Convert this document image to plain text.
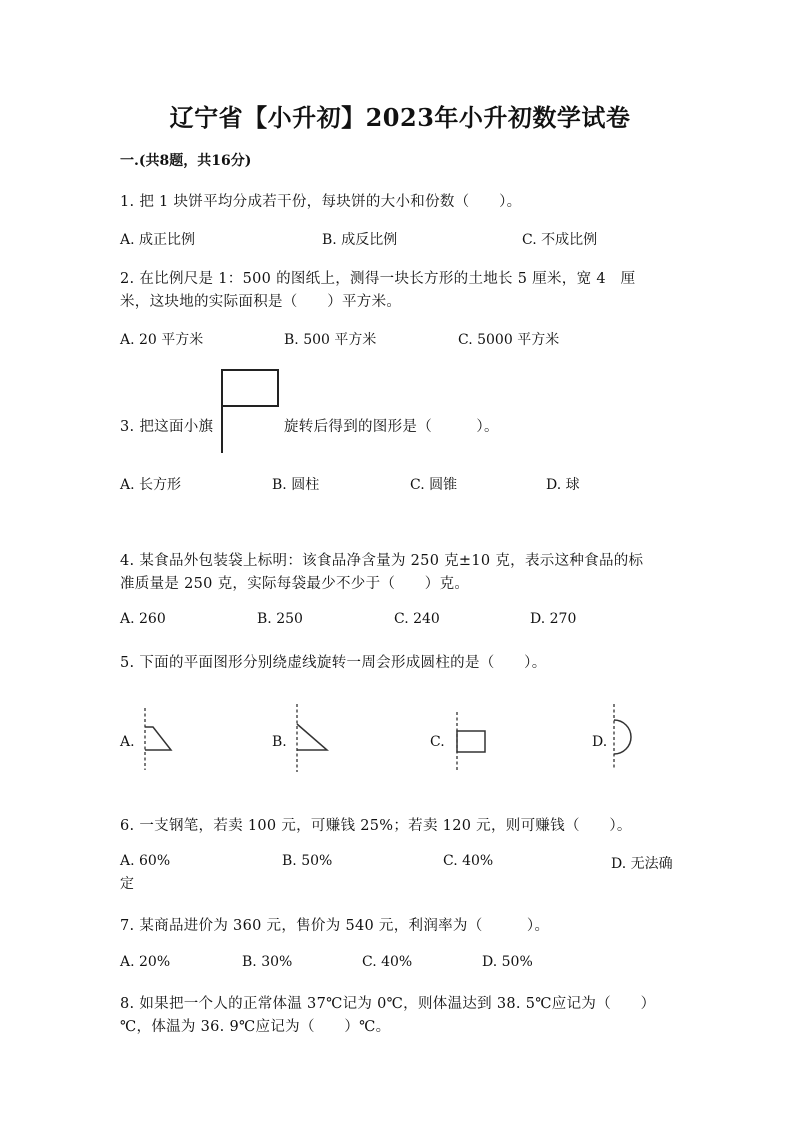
辽宁省【小升初】2023年小升初数学试卷
一.(共8题，共16分)
1. 把 1 块饼平均分成若干份，每块饼的大小和份数（　　）。
A. 成正比例	B. 成反比例	C. 不成比例
2. 在比例尺是 1：500 的图纸上，测得一块长方形的土地长 5 厘米，宽 4　厘
米，这块地的实际面积是（　　）平方米。
A. 20 平方米	B. 500 平方米	C. 5000 平方米
3. 把这面小旗	旋转后得到的图形是（　　　）。
A. 长方形	B. 圆柱	C. 圆锥	D. 球
4. 某食品外包装袋上标明：该食品净含量为 250 克±10 克，表示这种食品的标
准质量是 250 克，实际每袋最少不少于（　　）克。
A. 260	B. 250	C. 240	D. 270
5. 下面的平面图形分别绕虚线旋转一周会形成圆柱的是（　　）。
A.	B.	C.	D.
6. 一支钢笔，若卖 100 元，可赚钱 25%；若卖 120 元，则可赚钱（　　）。
A. 60%	B. 50%	C. 40%	D. 无法确
定
7. 某商品进价为 360 元，售价为 540 元，利润率为（　　　）。
A. 20%	B. 30%	C. 40%	D. 50%
8. 如果把一个人的正常体温 37℃记为 0℃，则体温达到 38. 5℃应记为（　　）
℃，体温为 36. 9℃应记为（　　）℃。
